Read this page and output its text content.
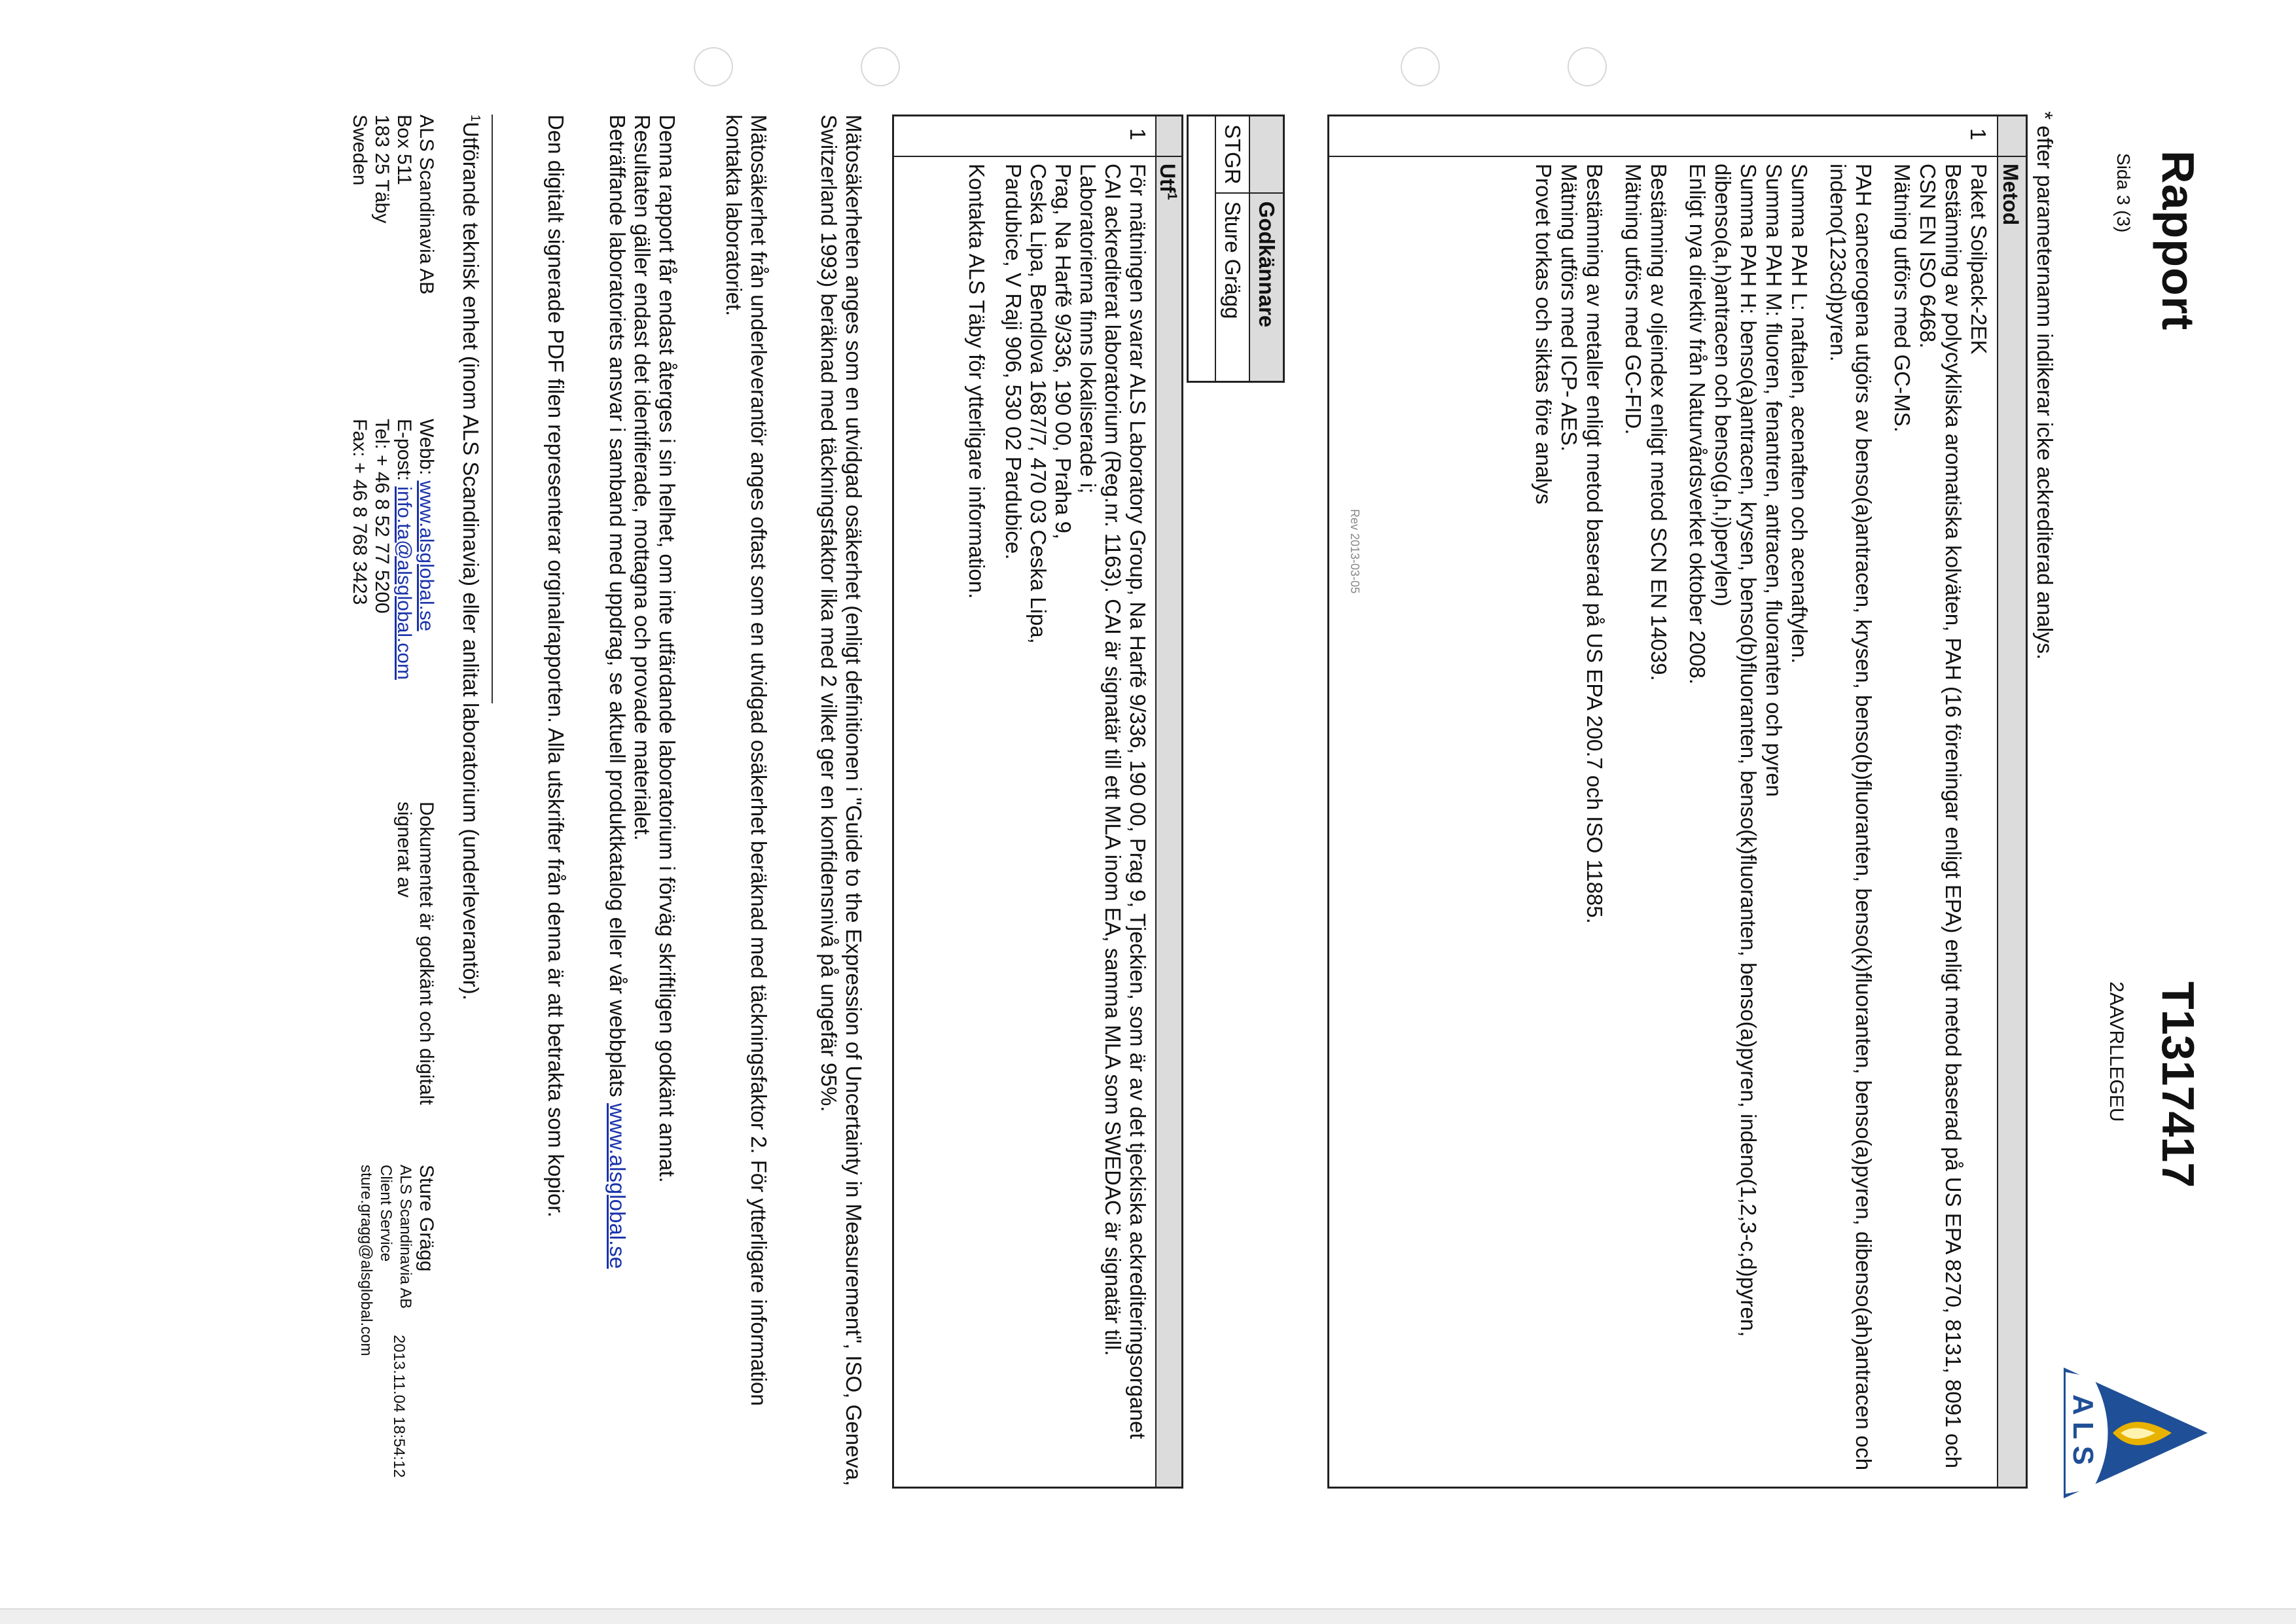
Rapport
Sida 3 (3)
T1317417
2AAVRLLEGEU
ALS
* efter parameternamn indikerar icke ackrediterad analys.
1
Metod

Paket Soilpack-2EK
Bestämning av polycykliska aromatiska kolväten, PAH (16 föreningar enligt EPA) enligt metod baserad på US EPA 8270, 8131, 8091 och CSN EN ISO 6468.
Mätning utförs med GC-MS.

PAH cancerogena utgörs av benso(a)antracen, krysen, benso(b)fluoranten, benso(k)fluoranten, benso(a)pyren, dibenso(ah)antracen och indeno(123cd)pyren.

Summa PAH L: naftalen, acenaften och acenaftylen.
Summa PAH M: fluoren, fenantren, antracen, fluoranten och pyren
Summa PAH H: benso(a)antracen, krysen, benso(b)fluoranten, benso(k)fluoranten, benso(a)pyren, indeno(1,2,3-c,d)pyren, dibenso(a,h)antracen och benso(g,h,i)perylen)
Enligt nya direktiv från Naturvårdsverket oktober 2008.

Bestämning av oljeindex enligt metod SCN EN 14039.
Mätning utförs med GC-FID.

Bestämning av metaller enligt metod baserad på US EPA 200.7 och ISO 11885.
Mätning utförs med ICP- AES.
Provet torkas och siktas före analys

Rev 2013-03-05
	Godkännare
STGR	Sture Grägg
1
Utf$^1$

För mätningen svarar ALS Laboratory Group, Na Harfě 9/336, 190 00, Prag 9, Tjeckien, som är av det tjeckiska ackrediteringsorganet CAI ackrediterat laboratorium (Reg.nr. 1163). CAI är signatär till ett MLA inom EA, samma MLA som SWEDAC är signatär till.
Laboratorierna finns lokaliserade i;
Prag, Na Harfě 9/336, 190 00, Praha 9,
Ceska Lipa, Bendlova 1687/7, 470 03 Ceska Lipa,
Pardubice, V Raji 906, 530 02 Pardubice.

Kontakta ALS Täby för ytterligare information.

Mätosäkerheten anges som en utvidgad osäkerhet (enligt definitionen i "Guide to the Expression of Uncertainty in Measurement", ISO, Geneva, Switzerland 1993) beräknad med täckningsfaktor lika med 2 vilket ger en konfidensnivå på ungefär 95%.
Mätosäkerhet från underleverantör anges oftast som en utvidgad osäkerhet beräknad med täckningsfaktor 2. För ytterligare information kontakta laboratoriet.
Denna rapport får endast återges i sin helhet, om inte utfärdande laboratorium i förväg skriftligen godkänt annat.
Resultaten gäller endast det identifierade, mottagna och provade materialet.
Beträffande laboratoriets ansvar i samband med uppdrag, se aktuell produktkatalog eller vår webbplats www.alsglobal.se
Den digitalt signerade PDF filen representerar orginalrapporten. Alla utskrifter från denna är att betrakta som kopior.
$^1$Utförande teknisk enhet (inom ALS Scandinavia) eller anlitat laboratorium (underleverantör).
ALS Scandinavia AB
Box 511
183 25 Täby
Sweden
Webb: www.alsglobal.se
E-post: info.ta@alsglobal.com
Tel: + 46 8 52 77 5200
Fax: + 46 8 768 3423
Dokumentet är godkänt och digitalt
signerat av
Sture Grägg
ALS Scandinavia AB
Client Service
sture.gragg@alsglobal.com
2013.11.04 18:54:12
